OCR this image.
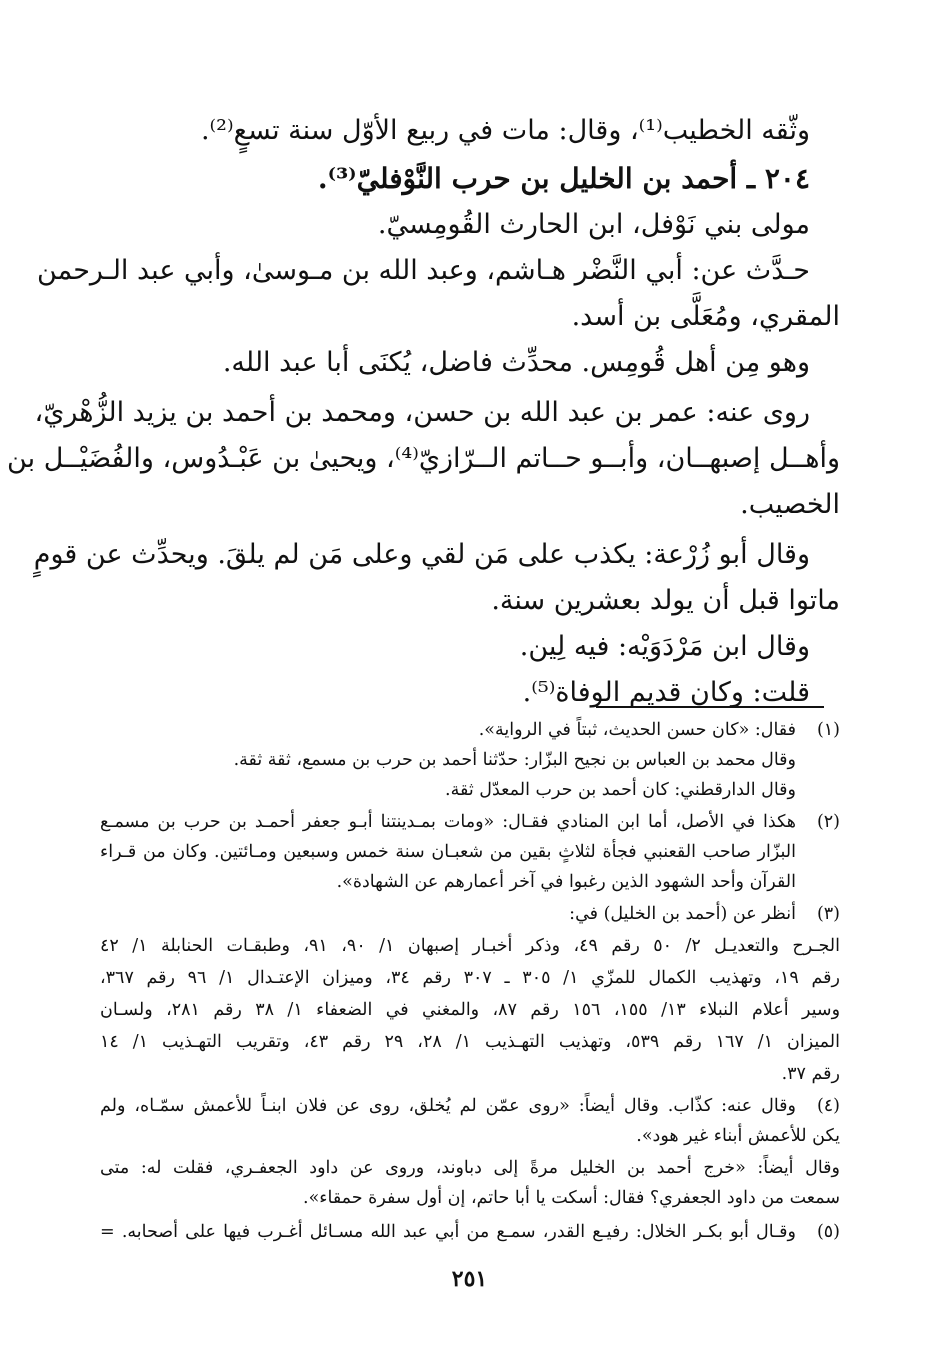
وثّقه الخطيب⁽¹⁾، وقال: مات في ربيع الأوّل سنة تسعٍ⁽²⁾.
٢٠٤ ـ أحمد بن الخليل بن حرب النَّوْفليّ⁽³⁾.
مولى بني نَوْفل، ابن الحارث القُومِسيّ.
حـدَّث عن: أبي النَّضْر هـاشم، وعبد الله بن مـوسىٰ، وأبي عبد الـرحمن
المقري، ومُعَلَّى بن أسد.
وهو مِن أهل قُومِس. محدِّث فاضل، يُكنَى أبا عبد الله.
روى عنه: عمر بن عبد الله بن حسن، ومحمد بن أحمد بن يزيد الزُّهْريّ،
وأهــل إصبهــان، وأبــو حــاتم الــرّازيّ⁽⁴⁾، ويحيىٰ بن عَبْـدُوس، والفُضَيْــل بن
الخصيب.
وقال أبو زُرْعة: يكذب على مَن لقي وعلى مَن لم يلقَ. ويحدِّث عن قومٍ
ماتوا قبل أن يولد بعشرين سنة.
وقال ابن مَرْدَوَيْه: فيه لِين.
قلت: وكان قديم الوفاة⁽⁵⁾.
(١)
فقال: «كان حسن الحديث، ثبتاً في الرواية».
وقال محمد بن العباس بن نجيح البزّار: حدّثنا أحمد بن حرب بن مسمع، ثقة ثقة.
وقال الدارقطني: كان أحمد بن حرب المعدّل ثقة.
(٢)
هكذا في الأصل، أما ابن المنادي فقـال: «ومات بمـدينتنا أبـو جعفر أحمـد بن حرب بن مسمـع
البزّار صاحب القعنبي فجأة لثلاثٍ بقين من شعبـان سنة خمس وسبعين ومـائتين. وكان من قـراء
القرآن وأحد الشهود الذين رغبوا في آخر أعمارهم عن الشهادة».
(٣)
أنظر عن (أحمد بن الخليل) في:
الجـرح والتعديـل ٢/ ٥٠ رقم ٤٩، وذكر أخبـار إصبهان ١/ ٩٠، ٩١، وطبقـات الحنابلة ١/ ٤٢
رقم ١٩، وتهذيب الكمال للمزّي ١/ ٣٠٥ ـ ٣٠٧ رقم ٣٤، وميزان الإعتـدال ١/ ٩٦ رقم ٣٦٧،
وسير أعلام النبلاء ١٣/ ١٥٥، ١٥٦ رقم ٨٧، والمغني في الضعفاء ١/ ٣٨ رقم ٢٨١، ولسـان
الميزان ١/ ١٦٧ رقم ٥٣٩، وتهذيب التهـذيب ١/ ٢٨، ٢٩ رقم ٤٣، وتقريب التهـذيب ١/ ١٤
رقم ٣٧.
(٤)
وقال عنه: كذّاب. وقال أيضاً: «روى عمّن لم يُخلق، روى عن فلان ابنـاً للأعمش سمّـاه، ولم
يكن للأعمش أبناء غير هود».
وقال أيضاً: «خرج أحمد بن الخليل مرةً إلى دباوند، وروى عن داود الجعفـري، فقلت له: متى
سمعت من داود الجعفري؟ فقال: أسكت يا أبا حاتم، إن أول سفرة حمقاء».
(٥)
وقـال أبو بكـر الخلال: رفيـع القدر، سمـع من أبي عبد الله مسـائل أغـرب فيها على أصحابه. =
٢٥١
